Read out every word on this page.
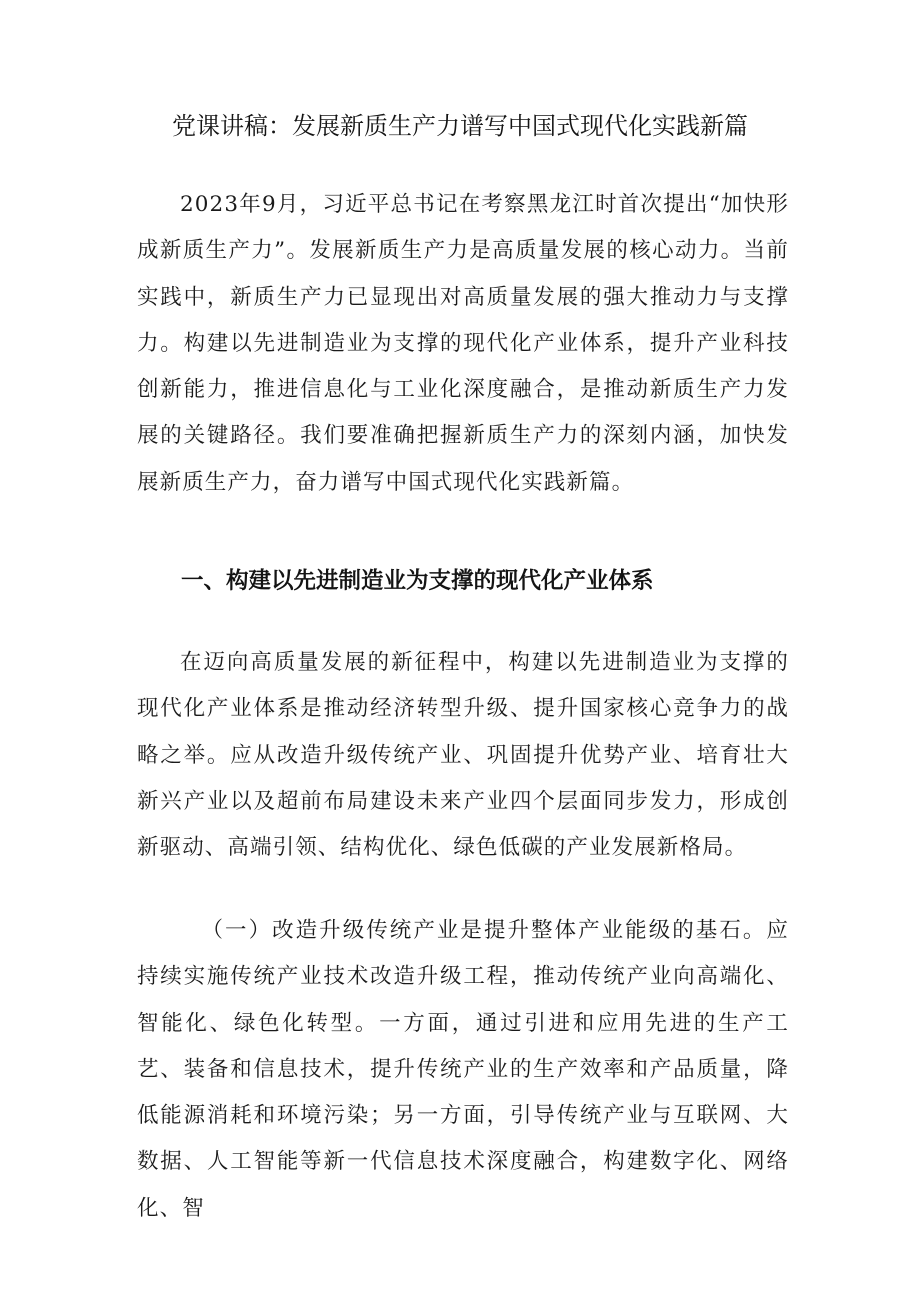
党课讲稿：发展新质生产力谱写中国式现代化实践新篇

2023年9月，习近平总书记在考察黑龙江时首次提出“加快形成新质生产力”。发展新质生产力是高质量发展的核心动力。当前实践中，新质生产力已显现出对高质量发展的强大推动力与支撑力。构建以先进制造业为支撑的现代化产业体系，提升产业科技创新能力，推进信息化与工业化深度融合，是推动新质生产力发展的关键路径。我们要准确把握新质生产力的深刻内涵，加快发展新质生产力，奋力谱写中国式现代化实践新篇。

一、构建以先进制造业为支撑的现代化产业体系

在迈向高质量发展的新征程中，构建以先进制造业为支撑的现代化产业体系是推动经济转型升级、提升国家核心竞争力的战略之举。应从改造升级传统产业、巩固提升优势产业、培育壮大新兴产业以及超前布局建设未来产业四个层面同步发力，形成创新驱动、高端引领、结构优化、绿色低碳的产业发展新格局。

（一）改造升级传统产业是提升整体产业能级的基石。应持续实施传统产业技术改造升级工程，推动传统产业向高端化、智能化、绿色化转型。一方面，通过引进和应用先进的生产工艺、装备和信息技术，提升传统产业的生产效率和产品质量，降低能源消耗和环境污染；另一方面，引导传统产业与互联网、大数据、人工智能等新一代信息技术深度融合，构建数字化、网络化、智
